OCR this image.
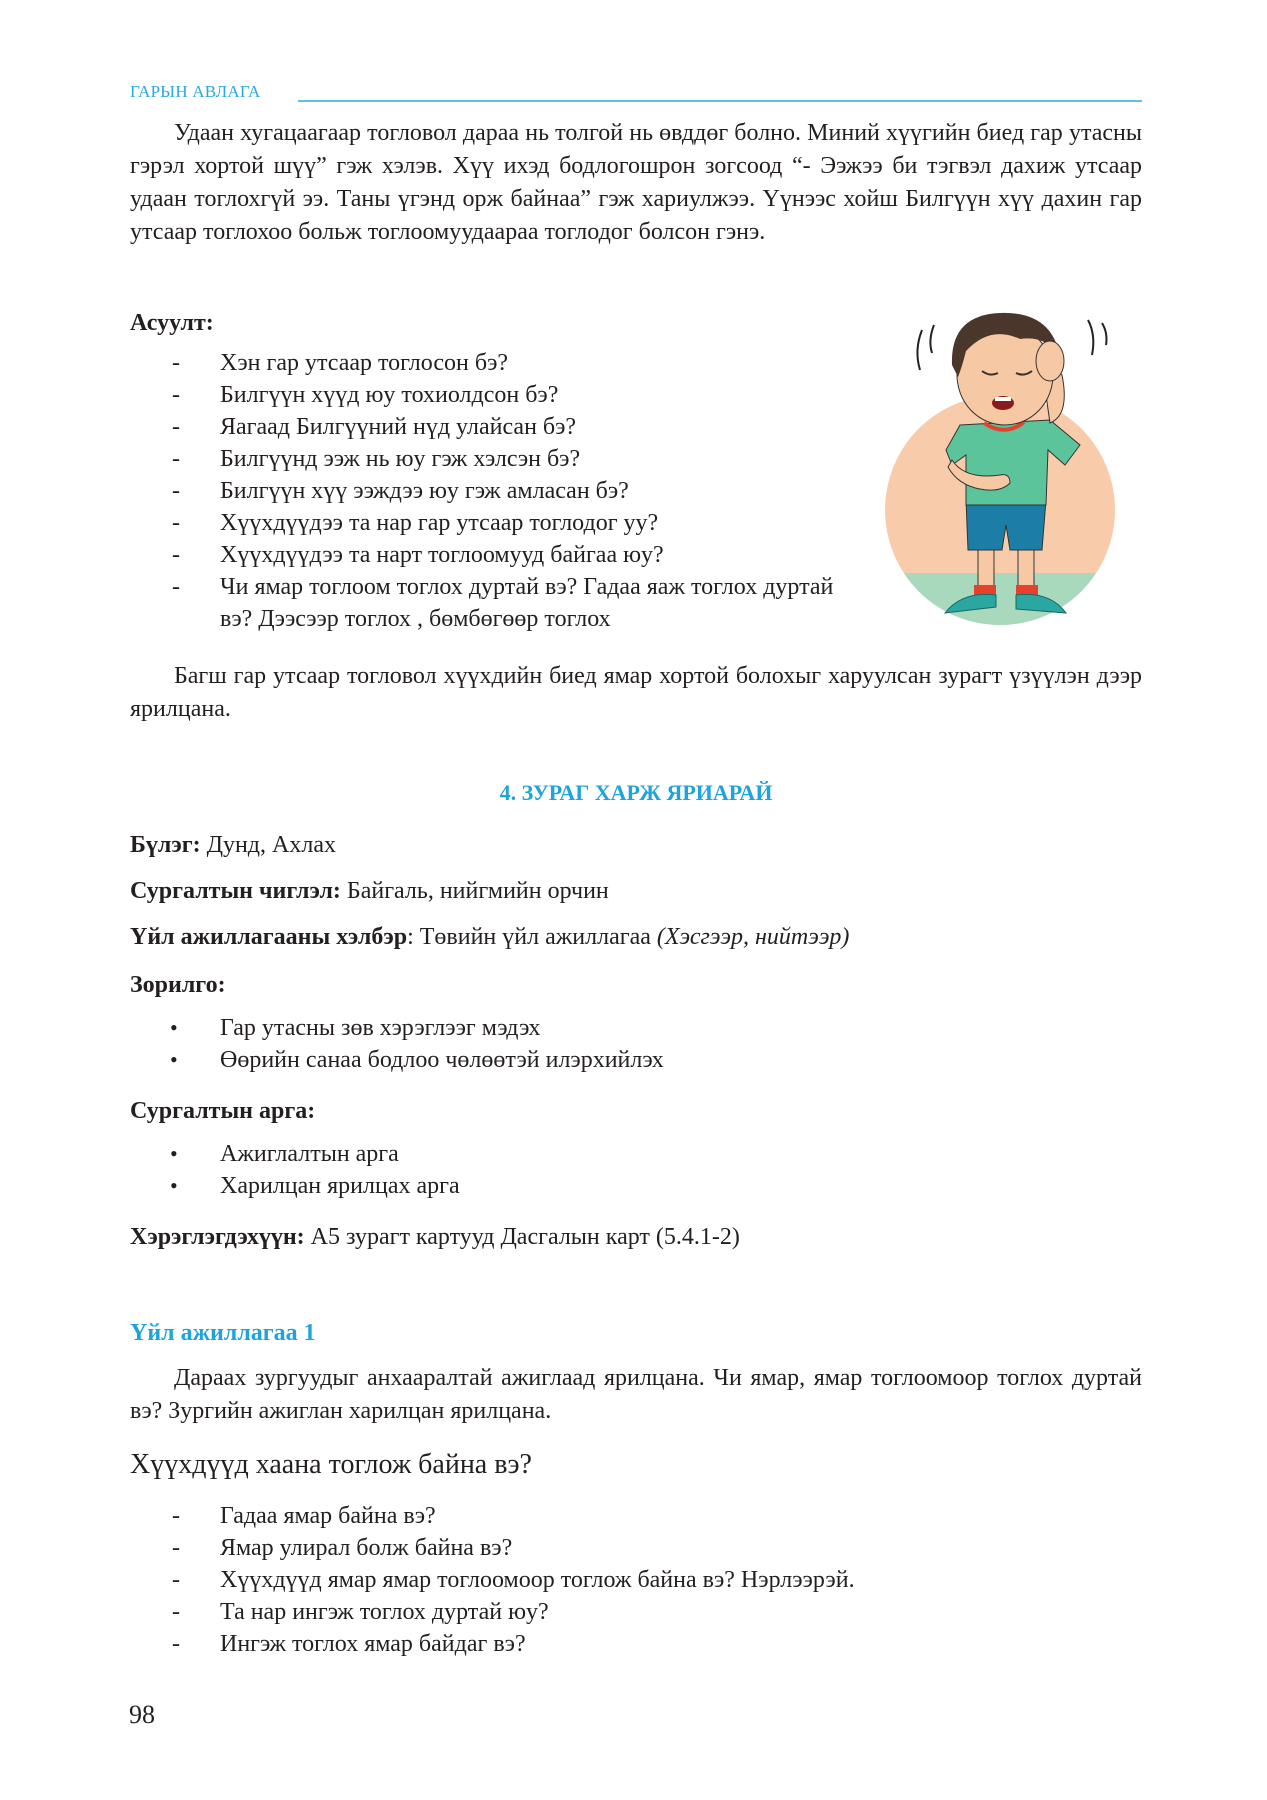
ГАРЫН АВЛАГА

Удаан хугацаагаар тогловол дараа нь толгой нь өвддөг болно. Миний хүүгийн биед гар утасны гэрэл хортой шүү” гэж хэлэв. Хүү ихэд бодлогошрон зогсоод “- Ээжээ би тэгвэл дахиж утсаар удаан тоглохгүй ээ. Таны үгэнд орж байнаа” гэж хариулжээ. Үүнээс хойш Билгүүн хүү дахин гар утсаар тоглохоо больж тоглоомуудаараа тоглодог болсон гэнэ.

Асуулт:
- Хэн гар утсаар тоглосон бэ?
- Билгүүн хүүд юу тохиолдсон бэ?
- Яагаад Билгүүний нүд улайсан бэ?
- Билгүүнд ээж нь юу гэж хэлсэн бэ?
- Билгүүн хүү ээждээ юу гэж амласан бэ?
- Хүүхдүүдээ та нар гар утсаар тоглодог уу?
- Хүүхдүүдээ та нарт тоглоомууд байгаа юу?
- Чи ямар тоглоом тоглох дуртай вэ? Гадаа яаж тоглох дуртай вэ? Дээсээр тоглох , бөмбөгөөр тоглох

Багш гар утсаар тогловол хүүхдийн биед ямар хортой болохыг харуулсан зурагт үзүүлэн дээр ярилцана.

4. ЗУРАГ ХАРЖ ЯРИАРАЙ
Бүлэг: Дунд, Ахлах
Сургалтын чиглэл: Байгаль, нийгмийн орчин
Үйл ажиллагааны хэлбэр: Төвийн үйл ажиллагаа (Хэсгээр, нийтээр)
Зорилго:
• Гар утасны зөв хэрэглээг мэдэх
• Өөрийн санаа бодлоо чөлөөтэй илэрхийлэх
Сургалтын арга:
• Ажиглалтын арга
• Харилцан ярилцах арга
Хэрэглэгдэхүүн: А5 зурагт картууд Дасгалын карт (5.4.1-2)
Үйл ажиллагаа 1

Дараах зургуудыг анхааралтай ажиглаад ярилцана. Чи ямар, ямар тоглоомоор тоглох дуртай вэ? Зургийн ажиглан харилцан ярилцана.

Хүүхдүүд хаана тоглож байна вэ?
- Гадаа ямар байна вэ?
- Ямар улирал болж байна вэ?
- Хүүхдүүд ямар ямар тоглоомоор тоглож байна вэ? Нэрлээрэй.
- Та нар ингэж тоглох дуртай юу?
- Ингэж тоглох ямар байдаг вэ?
98
